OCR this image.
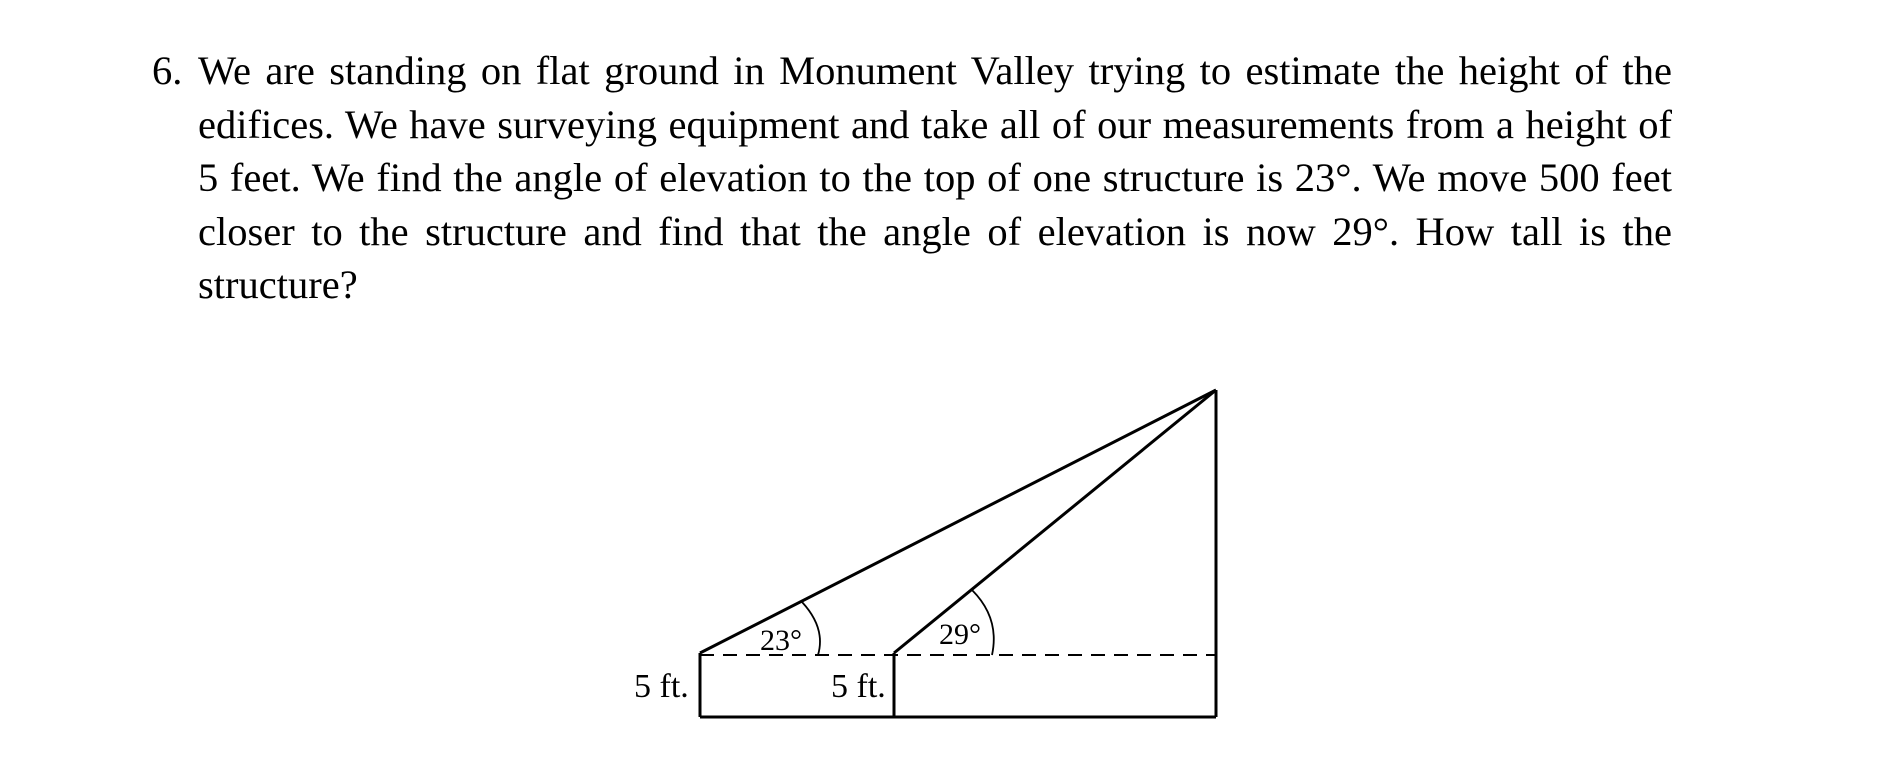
6. We are standing on flat ground in Monument Valley trying to estimate the height of the edifices. We have surveying equipment and take all of our measurements from a height of 5 feet. We find the angle of elevation to the top of one structure is 23°. We move 500 feet closer to the structure and find that the angle of elevation is now 29°. How tall is the structure?
23°	29°
5 ft.	5 ft.
